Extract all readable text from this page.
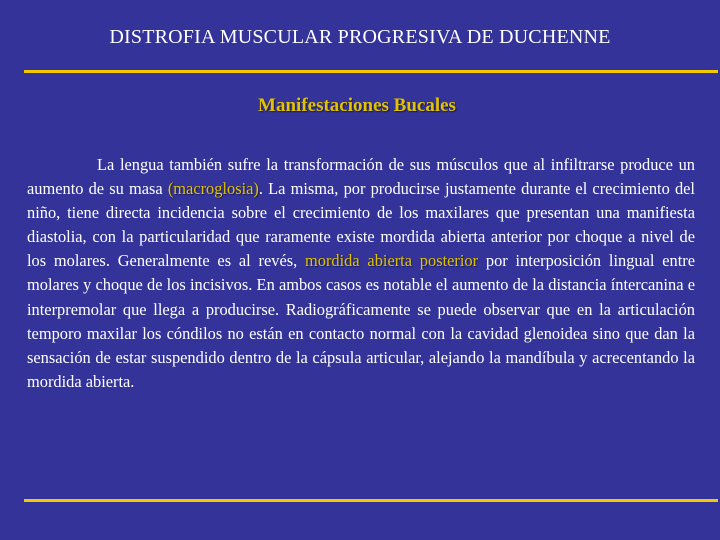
DISTROFIA MUSCULAR PROGRESIVA DE DUCHENNE
Manifestaciones Bucales

La lengua también sufre la transformación de sus músculos que al infiltrarse produce un aumento de su masa (macroglosia). La misma, por producirse justamente durante el crecimiento del niño, tiene directa incidencia sobre el crecimiento de los maxilares que presentan una manifiesta diastolia, con la particularidad que raramente existe mordida abierta anterior por choque a nivel de los molares. Generalmente es al revés, mordida abierta posterior por interposición lingual entre molares y choque de los incisivos. En ambos casos es notable el aumento de la distancia íntercanina e interpremolar que llega a producirse. Radiográficamente se puede observar que en la articulación temporo maxilar los cóndilos no están en contacto normal con la cavidad glenoidea sino que dan la sensación de estar suspendido dentro de la cápsula articular, alejando la mandíbula y acrecentando la mordida abierta.
